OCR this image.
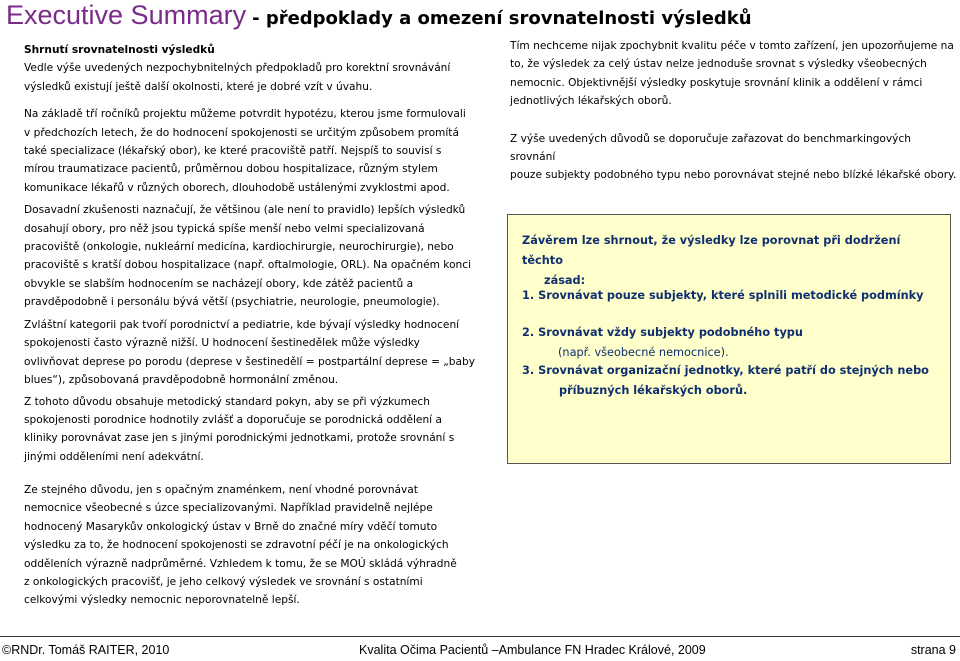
Executive Summary - předpoklady a omezení srovnatelnosti výsledků

Shrnutí srovnatelnosti výsledků

Vedle výše uvedených nezpochybnitelných předpokladů pro korektní srovnávání

výsledků existují ještě další okolnosti, které je dobré vzít v úvahu.

Na základě tří ročníků projektu můžeme potvrdit hypotézu, kterou jsme formulovali

v předchozích letech, že do hodnocení spokojenosti se určitým způsobem promítá

také specializace (lékařský obor), ke které pracoviště patří. Nejspíš to souvisí s

mírou traumatizace pacientů, průměrnou dobou hospitalizace, různým stylem

komunikace lékařů v různých oborech, dlouhodobě ustálenými zvyklostmi apod.

Dosavadní zkušenosti naznačují, že většinou (ale není to pravidlo) lepších výsledků

dosahují obory, pro něž jsou typická spíše menší nebo velmi specializovaná

pracoviště (onkologie, nukleární medicína, kardiochirurgie, neurochirurgie), nebo

pracoviště s kratší dobou hospitalizace (např. oftalmologie, ORL). Na opačném konci

obvykle se slabším hodnocením se nacházejí obory, kde zátěž pacientů a

pravděpodobně i personálu bývá větší (psychiatrie, neurologie, pneumologie).

Zvláštní kategorii pak tvoří porodnictví a pediatrie, kde bývají výsledky hodnocení

spokojenosti často výrazně nižší. U hodnocení šestinedělek může výsledky

ovlivňovat deprese po porodu (deprese v šestinedělí = postpartální deprese = „baby

blues“), způsobovaná pravděpodobně hormonální změnou.

Z tohoto důvodu obsahuje metodický standard pokyn, aby se při výzkumech

spokojenosti porodnice hodnotily zvlášť a doporučuje se porodnická oddělení a

kliniky porovnávat zase jen s jinými porodnickými jednotkami, protože srovnání s

jinými odděleními není adekvátní.

Ze stejného důvodu, jen s opačným znaménkem, není vhodné porovnávat

nemocnice všeobecné s úzce specializovanými. Například pravidelně nejlépe

hodnocený Masarykův onkologický ústav v Brně do značné míry vděčí tomuto

výsledku za to, že hodnocení spokojenosti se zdravotní péčí je na onkologických

odděleních výrazně nadprůměrné. Vzhledem k tomu, že se MOÚ skládá výhradně

z onkologických pracovišť, je jeho celkový výsledek ve srovnání s ostatními

celkovými výsledky nemocnic neporovnatelně lepší.

Tím nechceme nijak zpochybnit kvalitu péče v tomto zařízení, jen upozorňujeme na

to, že výsledek za celý ústav nelze jednoduše srovnat s výsledky všeobecných

nemocnic. Objektivnější výsledky poskytuje srovnání klinik a oddělení v rámci

jednotlivých lékařských oborů.

Z výše uvedených důvodů se doporučuje zařazovat do benchmarkingových srovnání

pouze subjekty podobného typu nebo porovnávat stejné nebo blízké lékařské obory.

Závěrem lze shrnout, že výsledky lze porovnat při dodržení těchto

zásad:

1. Srovnávat pouze subjekty, které splnili metodické podmínky

2. Srovnávat vždy subjekty podobného typu

(např. všeobecné nemocnice).

3. Srovnávat organizační jednotky, které patří do stejných nebo

příbuzných lékařských oborů.

©RNDr. Tomáš RAITER, 2010	Kvalita Očima Pacientů –Ambulance FN Hradec Králové, 2009	strana 9
